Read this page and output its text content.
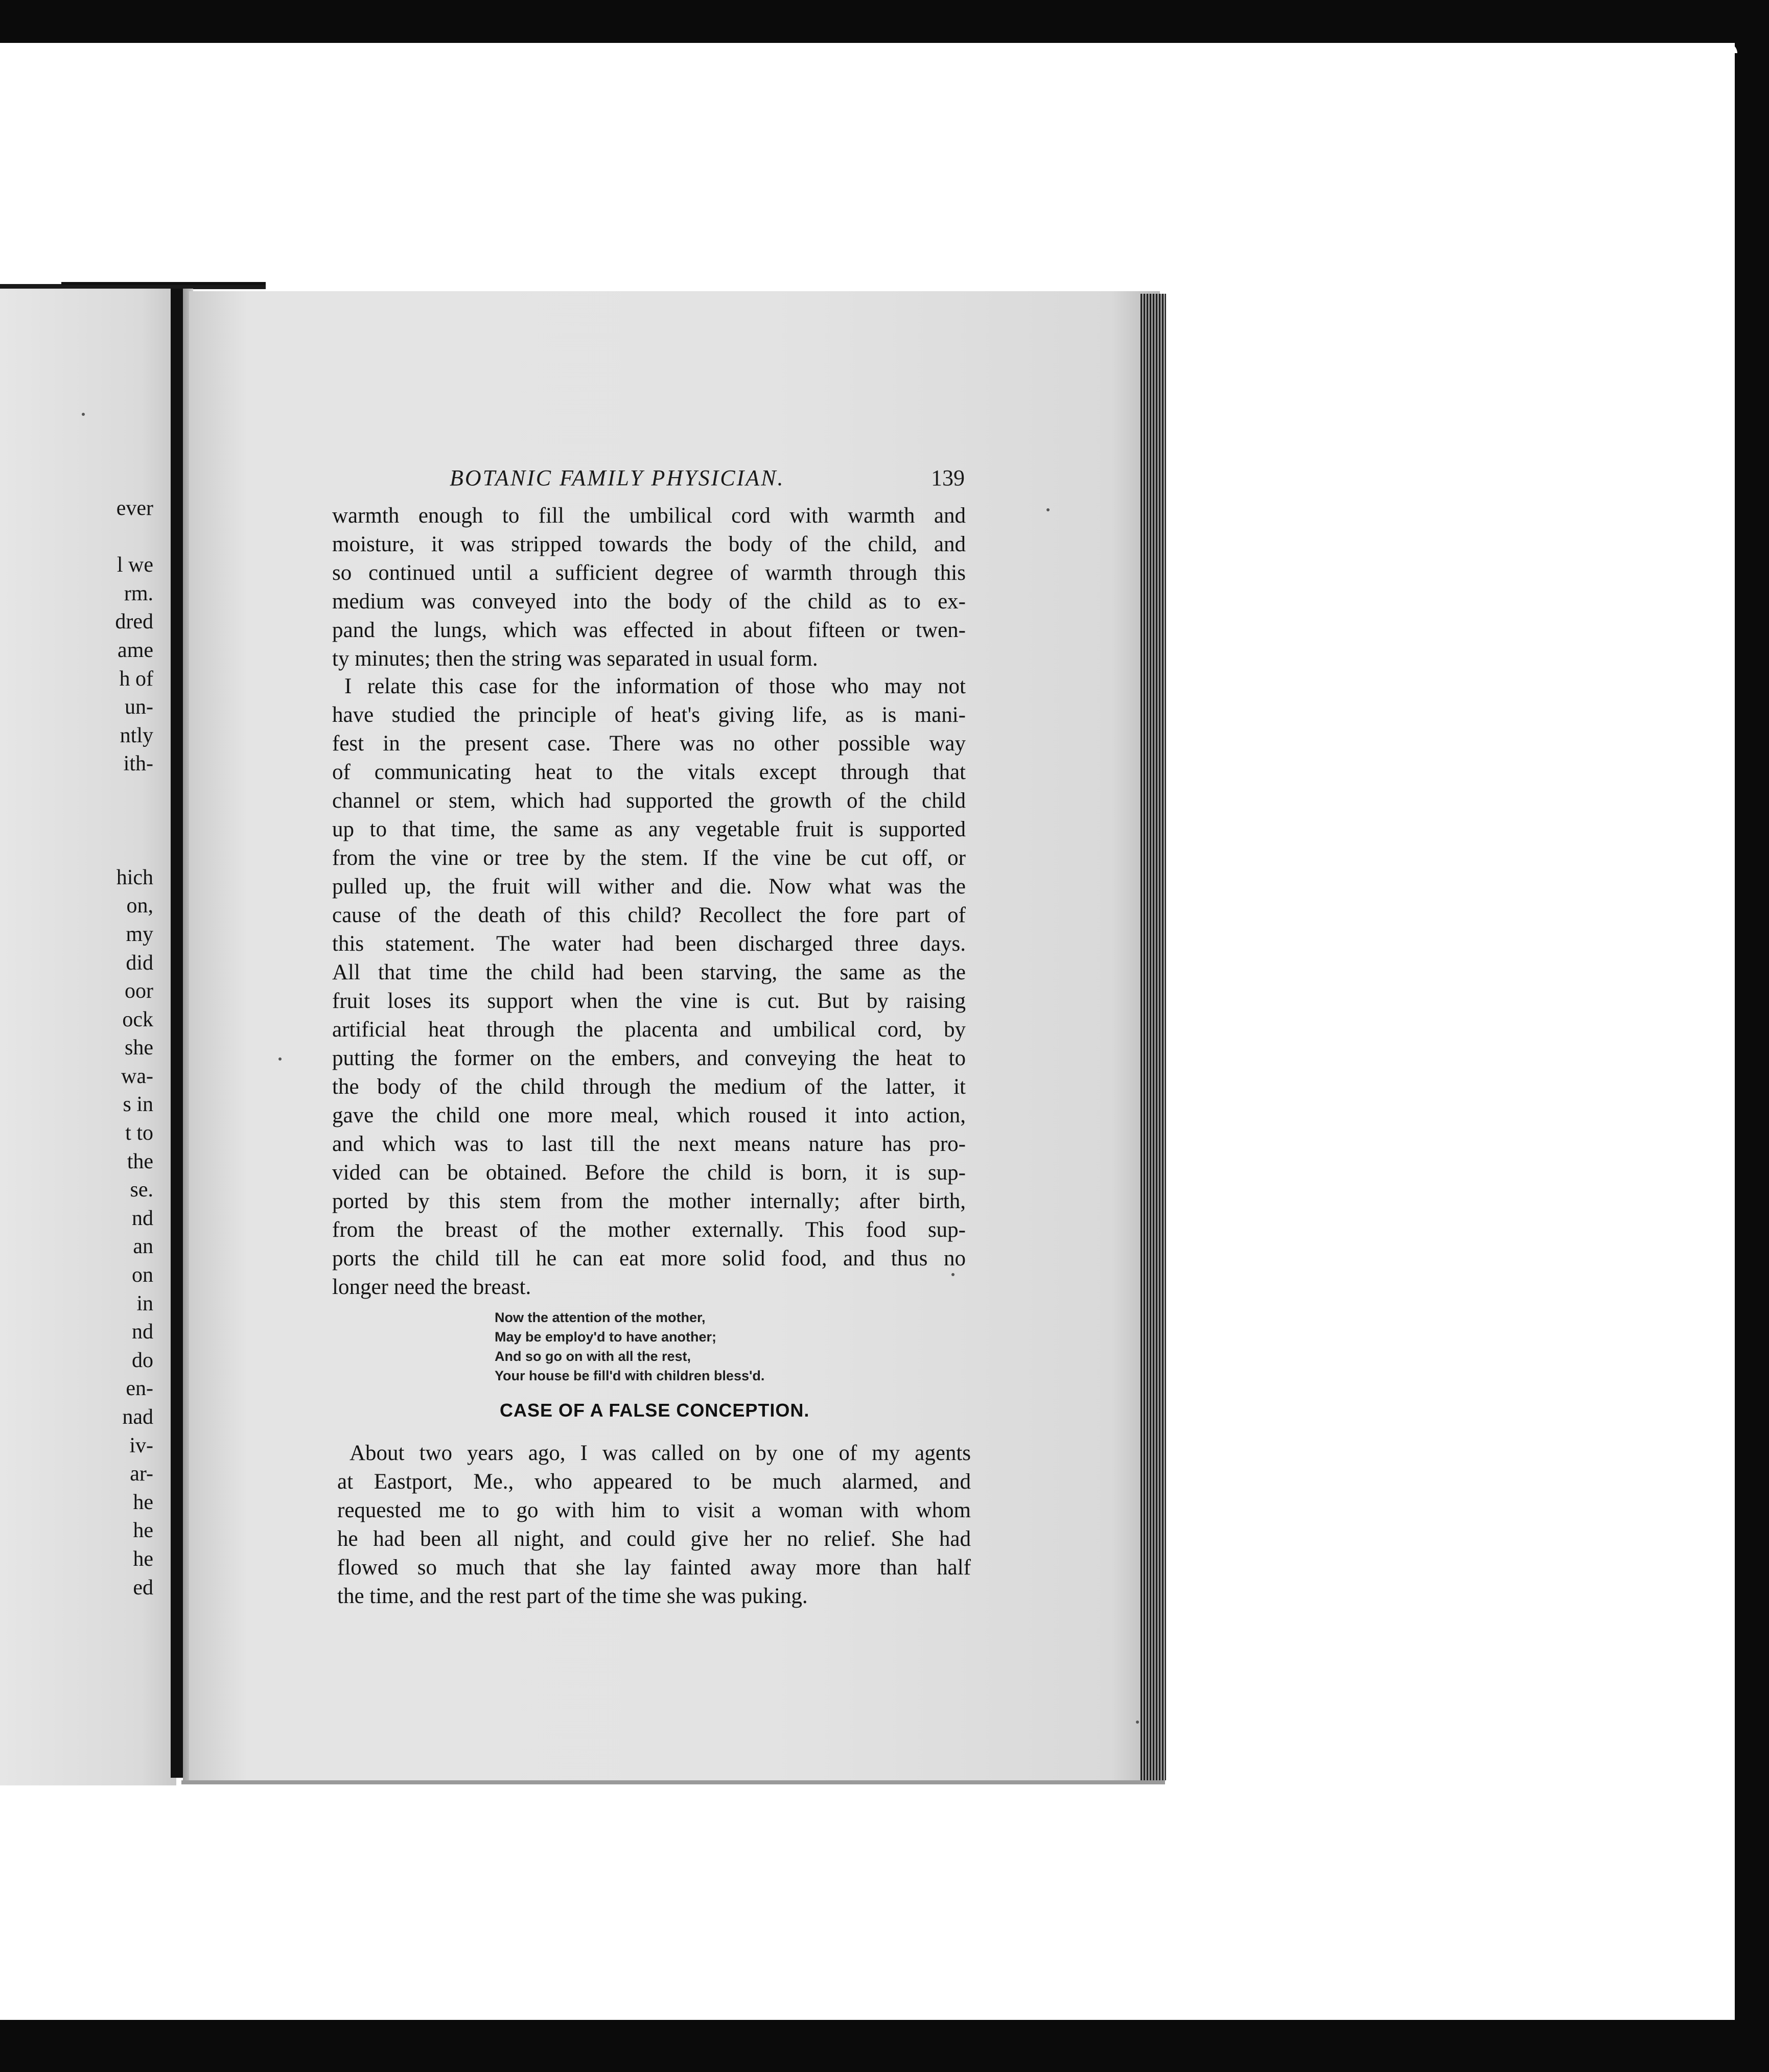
ever
l we
rm.
dred
ame
h of
un-
ntly
ith-
hich
on,
my
did
oor
ock
she
wa-
s in
t to
the
se.
nd
an
on
in
nd
do
en-
nad
iv-
ar-
he
he
he
ed
BOTANIC FAMILY PHYSICIAN.	139
warmth enough to fill the umbilical cord with warmth and
moisture, it was stripped towards the body of the child, and
so continued until a sufficient degree of warmth through this
medium was conveyed into the body of the child as to ex-
pand the lungs, which was effected in about fifteen or twen-
ty minutes; then the string was separated in usual form.
I relate this case for the information of those who may not
have studied the principle of heat's giving life, as is mani-
fest in the present case. There was no other possible way
of communicating heat to the vitals except through that
channel or stem, which had supported the growth of the child
up to that time, the same as any vegetable fruit is supported
from the vine or tree by the stem. If the vine be cut off, or
pulled up, the fruit will wither and die. Now what was the
cause of the death of this child? Recollect the fore part of
this statement. The water had been discharged three days.
All that time the child had been starving, the same as the
fruit loses its support when the vine is cut. But by raising
artificial heat through the placenta and umbilical cord, by
putting the former on the embers, and conveying the heat to
the body of the child through the medium of the latter, it
gave the child one more meal, which roused it into action,
and which was to last till the next means nature has pro-
vided can be obtained. Before the child is born, it is sup-
ported by this stem from the mother internally; after birth,
from the breast of the mother externally. This food sup-
ports the child till he can eat more solid food, and thus no
longer need the breast.
Now the attention of the mother,
May be employ'd to have another;
And so go on with all the rest,
Your house be fill'd with children bless'd.
CASE OF A FALSE CONCEPTION.
About two years ago, I was called on by one of my agents
at Eastport, Me., who appeared to be much alarmed, and
requested me to go with him to visit a woman with whom
he had been all night, and could give her no relief. She had
flowed so much that she lay fainted away more than half
the time, and the rest part of the time she was puking.
